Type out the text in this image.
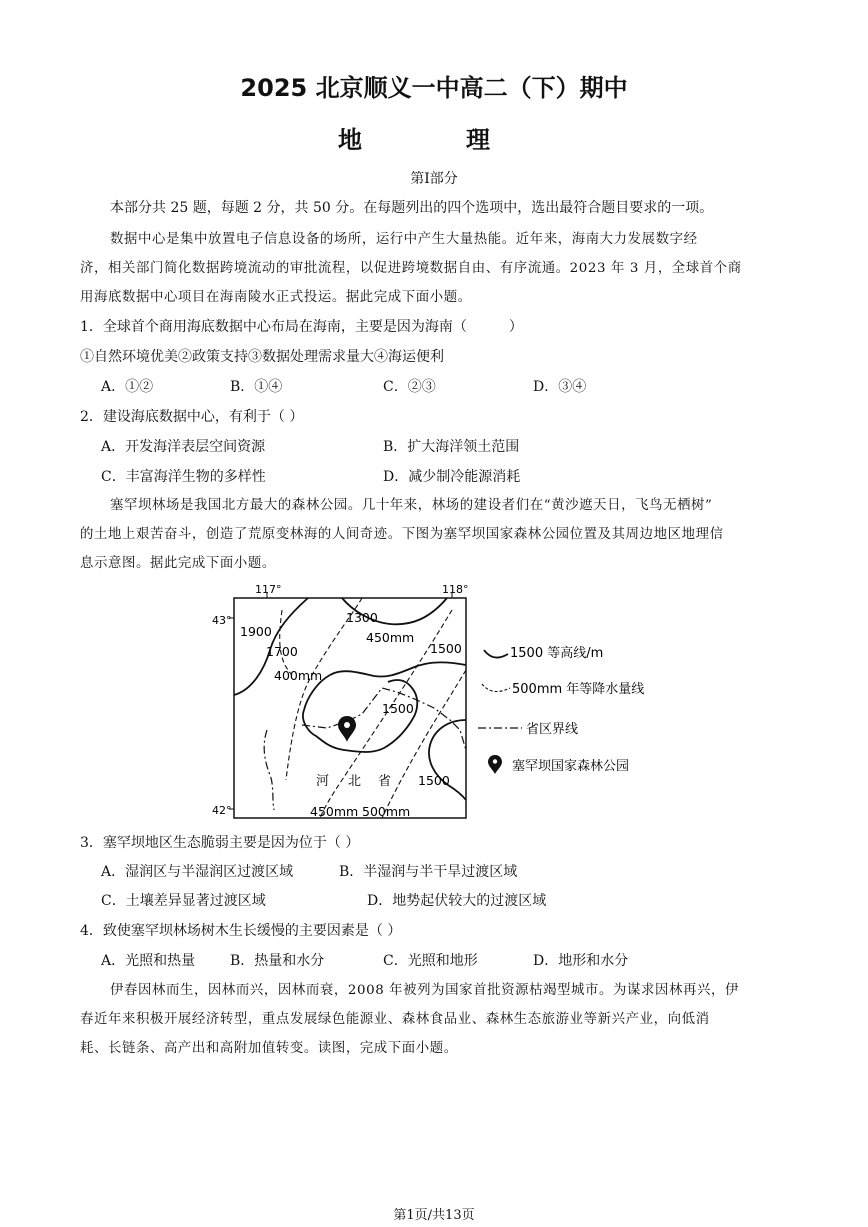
2025 北京顺义一中高二（下）期中
地　理
第Ⅰ部分
本部分共 25 题，每题 2 分，共 50 分。在每题列出的四个选项中，选出最符合题目要求的一项。
数据中心是集中放置电子信息设备的场所，运行中产生大量热能。近年来，海南大力发展数字经
济，相关部门简化数据跨境流动的审批流程，以促进跨境数据自由、有序流通。2023 年 3 月，全球首个商
用海底数据中心项目在海南陵水正式投运。据此完成下面小题。
1．全球首个商用海底数据中心布局在海南，主要是因为海南（　　　）
①自然环境优美②政策支持③数据处理需求量大④海运便利
A．①②	B．①④	C．②③	D．③④
2．建设海底数据中心，有利于（ ）
A．开发海洋表层空间资源	B．扩大海洋领土范围
C．丰富海洋生物的多样性	D．减少制冷能源消耗
塞罕坝林场是我国北方最大的森林公园。几十年来，林场的建设者们在“黄沙遮天日，飞鸟无栖树”
的土地上艰苦奋斗，创造了荒原变林海的人间奇迹。下图为塞罕坝国家森林公园位置及其周边地区地理信
息示意图。据此完成下面小题。
117°	118°
43°
42°
1900
1300
1700
450mm
1500
400mm
1500
1500
河 北 省
450mm 500mm
1500 等高线/m
500mm 年等降水量线
省区界线
塞罕坝国家森林公园
3．塞罕坝地区生态脆弱主要是因为位于（ ）
A．湿润区与半湿润区过渡区域	B．半湿润与半干旱过渡区域
C．土壤差异显著过渡区域	D．地势起伏较大的过渡区域
4．致使塞罕坝林场树木生长缓慢的主要因素是（ ）
A．光照和热量 B．热量和水分	C．光照和地形	D．地形和水分
伊春因林而生，因林而兴，因林而衰，2008 年被列为国家首批资源枯竭型城市。为谋求因林再兴，伊
春近年来积极开展经济转型，重点发展绿色能源业、森林食品业、森林生态旅游业等新兴产业，向低消
耗、长链条、高产出和高附加值转变。读图，完成下面小题。
第1页/共13页
